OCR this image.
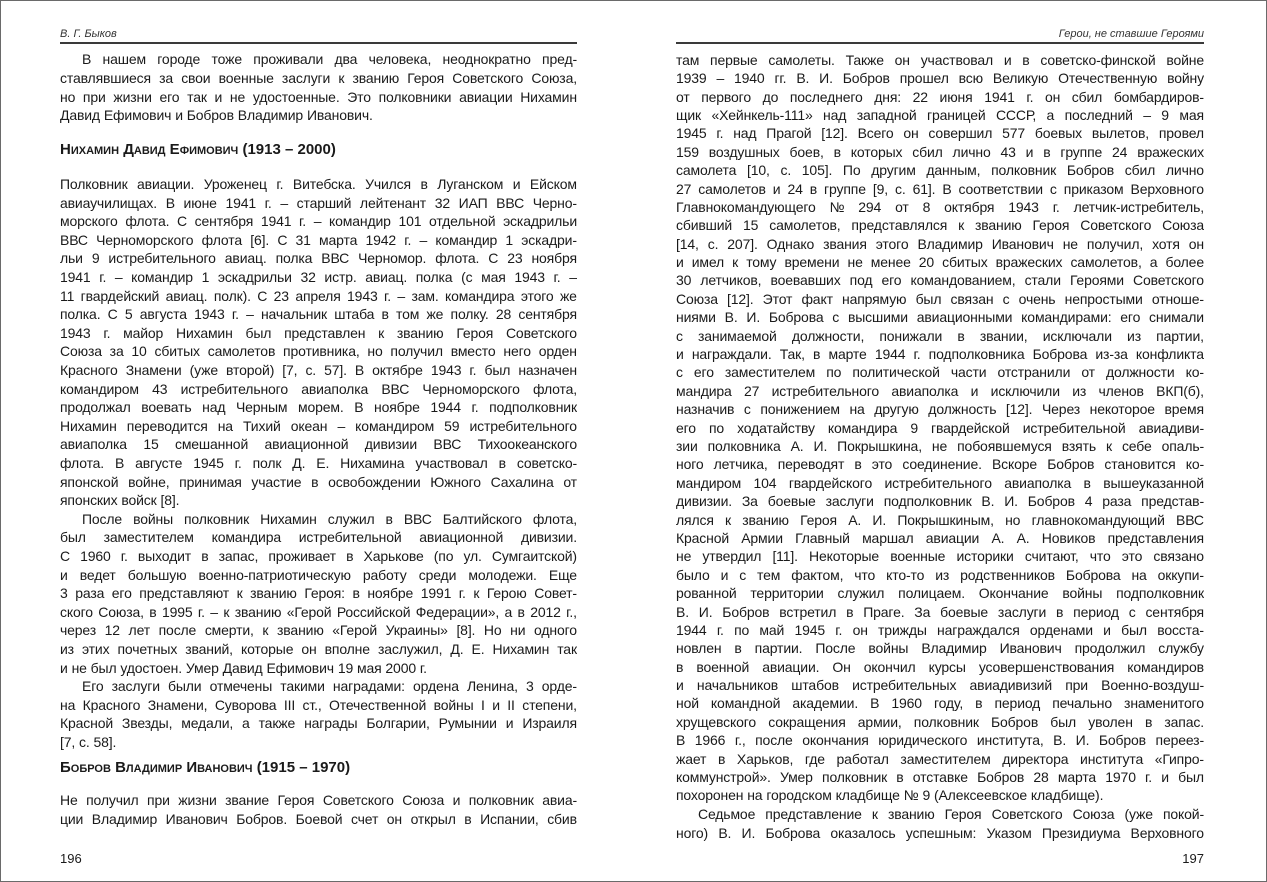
В. Г. Быков	Герои, не ставшие Героями
В нашем городе тоже проживали два человека, неоднократно пред-
ставлявшиеся за свои военные заслуги к званию Героя Советского Союза,
но при жизни его так и не удостоенные. Это полковники авиации Нихамин
Давид Ефимович и Бобров Владимир Иванович.
Нихамин Давид Ефимович (1913 – 2000)
Полковник авиации. Уроженец г. Витебска. Учился в Луганском и Ейском
авиаучилищах. В июне 1941 г. – старший лейтенант 32 ИАП ВВС Черно-
морского флота. С сентября 1941 г. – командир 101 отдельной эскадрильи
ВВС Черноморского флота [6]. С 31 марта 1942 г. – командир 1 эскадри-
льи 9 истребительного авиац. полка ВВС Черномор. флота. С 23 ноября
1941 г. – командир 1 эскадрильи 32 истр. авиац. полка (с мая 1943 г. –
11 гвардейский авиац. полк). С 23 апреля 1943 г. – зам. командира этого же
полка. С 5 августа 1943 г. – начальник штаба в том же полку. 28 сентября
1943 г. майор Нихамин был представлен к званию Героя Советского
Союза за 10 сбитых самолетов противника, но получил вместо него орден
Красного Знамени (уже второй) [7, с. 57]. В октябре 1943 г. был назначен
командиром 43 истребительного авиаполка ВВС Черноморского флота,
продолжал воевать над Черным морем. В ноябре 1944 г. подполковник
Нихамин переводится на Тихий океан – командиром 59 истребительного
авиаполка 15 смешанной авиационной дивизии ВВС Тихоокеанского
флота. В августе 1945 г. полк Д. Е. Нихамина участвовал в советско-
японской войне, принимая участие в освобождении Южного Сахалина от
японских войск [8].
После войны полковник Нихамин служил в ВВС Балтийского флота,
был заместителем командира истребительной авиационной дивизии.
С 1960 г. выходит в запас, проживает в Харькове (по ул. Сумгаитской)
и ведет большую военно-патриотическую работу среди молодежи. Еще
3 раза его представляют к званию Героя: в ноябре 1991 г. к Герою Совет-
ского Союза, в 1995 г. – к званию «Герой Российской Федерации», а в 2012 г.,
через 12 лет после смерти, к званию «Герой Украины» [8]. Но ни одного
из этих почетных званий, которые он вполне заслужил, Д. Е. Нихамин так
и не был удостоен. Умер Давид Ефимович 19 мая 2000 г.
Его заслуги были отмечены такими наградами: ордена Ленина, 3 орде-
на Красного Знамени, Суворова III ст., Отечественной войны I и II степени,
Красной Звезды, медали, а также награды Болгарии, Румынии и Израиля
[7, с. 58].
Бобров Владимир Иванович (1915 – 1970)
Не получил при жизни звание Героя Советского Союза и полковник авиа-
ции Владимир Иванович Бобров. Боевой счет он открыл в Испании, сбив
там первые самолеты. Также он участвовал и в советско-финской войне
1939 – 1940 гг. В. И. Бобров прошел всю Великую Отечественную войну
от первого до последнего дня: 22 июня 1941 г. он сбил бомбардиров-
щик «Хейнкель-111» над западной границей СССР, а последний – 9 мая
1945 г. над Прагой [12]. Всего он совершил 577 боевых вылетов, провел
159 воздушных боев, в которых сбил лично 43 и в группе 24 вражеских
самолета [10, с. 105]. По другим данным, полковник Бобров сбил лично
27 самолетов и 24 в группе [9, с. 61]. В соответствии с приказом Верховного
Главнокомандующего № 294 от 8 октября 1943 г. летчик-истребитель,
сбивший 15 самолетов, представлялся к званию Героя Советского Союза
[14, с. 207]. Однако звания этого Владимир Иванович не получил, хотя он
и имел к тому времени не менее 20 сбитых вражеских самолетов, а более
30 летчиков, воевавших под его командованием, стали Героями Советского
Союза [12]. Этот факт напрямую был связан с очень непростыми отноше-
ниями В. И. Боброва с высшими авиационными командирами: его снимали
с занимаемой должности, понижали в звании, исключали из партии,
и награждали. Так, в марте 1944 г. подполковника Боброва из-за конфликта
с его заместителем по политической части отстранили от должности ко-
мандира 27 истребительного авиаполка и исключили из членов ВКП(б),
назначив с понижением на другую должность [12]. Через некоторое время
его по ходатайству командира 9 гвардейской истребительной авиадиви-
зии полковника А. И. Покрышкина, не побоявшемуся взять к себе опаль-
ного летчика, переводят в это соединение. Вскоре Бобров становится ко-
мандиром 104 гвардейского истребительного авиаполка в вышеуказанной
дивизии. За боевые заслуги подполковник В. И. Бобров 4 раза представ-
лялся к званию Героя А. И. Покрышкиным, но главнокомандующий ВВС
Красной Армии Главный маршал авиации А. А. Новиков представления
не утвердил [11]. Некоторые военные историки считают, что это связано
было и с тем фактом, что кто-то из родственников Боброва на оккупи-
рованной территории служил полицаем. Окончание войны подполковник
В. И. Бобров встретил в Праге. За боевые заслуги в период с сентября
1944 г. по май 1945 г. он трижды награждался орденами и был восста-
новлен в партии. После войны Владимир Иванович продолжил службу
в военной авиации. Он окончил курсы усовершенствования командиров
и начальников штабов истребительных авиадивизий при Военно-воздуш-
ной командной академии. В 1960 году, в период печально знаменитого
хрущевского сокращения армии, полковник Бобров был уволен в запас.
В 1966 г., после окончания юридического института, В. И. Бобров переез-
жает в Харьков, где работал заместителем директора института «Гипро-
коммунстрой». Умер полковник в отставке Бобров 28 марта 1970 г. и был
похоронен на городском кладбище № 9 (Алексеевское кладбище).
Седьмое представление к званию Героя Советского Союза (уже покой-
ного) В. И. Боброва оказалось успешным: Указом Президиума Верховного
196	197
